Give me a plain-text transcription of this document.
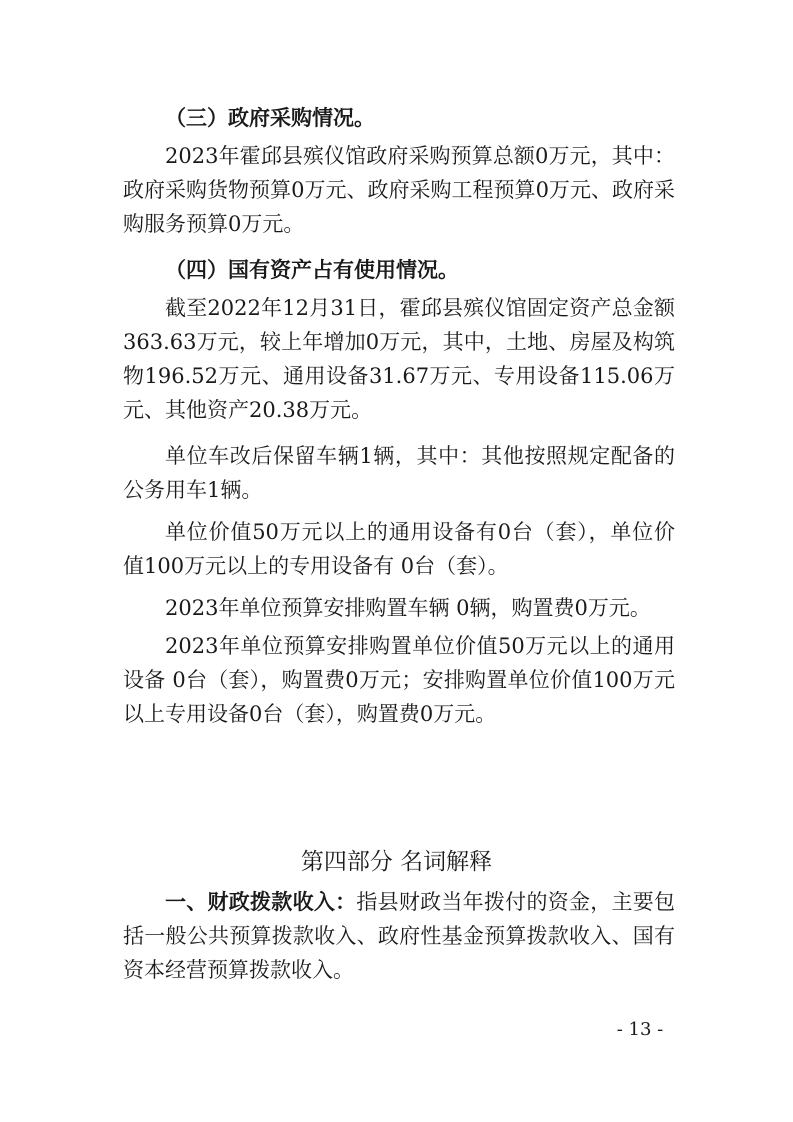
（三）政府采购情况。
2023年霍邱县殡仪馆政府采购预算总额0万元，其中：政府采购货物预算0万元、政府采购工程预算0万元、政府采购服务预算0万元。
（四）国有资产占有使用情况。
截至2022年12月31日，霍邱县殡仪馆固定资产总金额363.63万元，较上年增加0万元，其中，土地、房屋及构筑物196.52万元、通用设备31.67万元、专用设备115.06万元、其他资产20.38万元。
单位车改后保留车辆1辆，其中：其他按照规定配备的公务用车1辆。
单位价值50万元以上的通用设备有0台（套），单位价值100万元以上的专用设备有 0台（套）。
2023年单位预算安排购置车辆 0辆，购置费0万元。
2023年单位预算安排购置单位价值50万元以上的通用设备 0台（套），购置费0万元；安排购置单位价值100万元以上专用设备0台（套），购置费0万元。
第四部分 名词解释
一、财政拨款收入：指县财政当年拨付的资金，主要包括一般公共预算拨款收入、政府性基金预算拨款收入、国有资本经营预算拨款收入。
- 13 -
